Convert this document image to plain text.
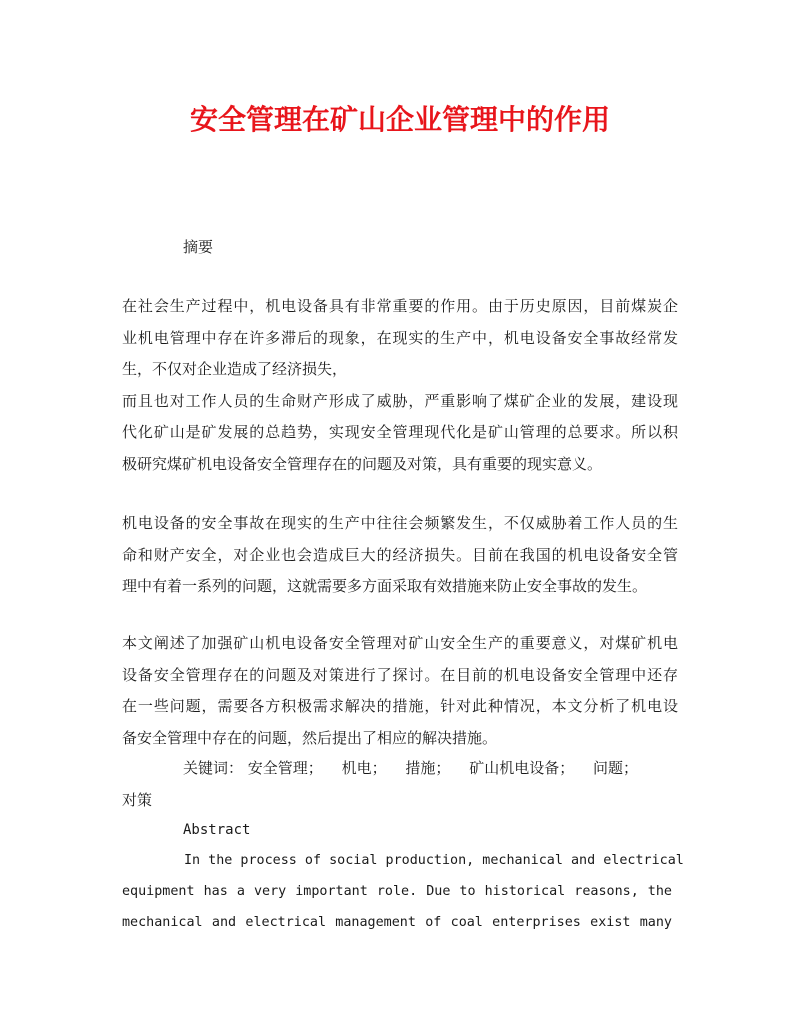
安全管理在矿山企业管理中的作用
摘要
在社会生产过程中，机电设备具有非常重要的作用。由于历史原因，目前煤炭企
业机电管理中存在许多滞后的现象，在现实的生产中，机电设备安全事故经常发
生，不仅对企业造成了经济损失，
而且也对工作人员的生命财产形成了威胁，严重影响了煤矿企业的发展，建设现
代化矿山是矿发展的总趋势，实现安全管理现代化是矿山管理的总要求。所以积
极研究煤矿机电设备安全管理存在的问题及对策，具有重要的现实意义。
机电设备的安全事故在现实的生产中往往会频繁发生，不仅威胁着工作人员的生
命和财产安全，对企业也会造成巨大的经济损失。目前在我国的机电设备安全管
理中有着一系列的问题，这就需要多方面采取有效措施来防止安全事故的发生。
本文阐述了加强矿山机电设备安全管理对矿山安全生产的重要意义，对煤矿机电
设备安全管理存在的问题及对策进行了探讨。在目前的机电设备安全管理中还存
在一些问题，需要各方积极需求解决的措施，针对此种情况，本文分析了机电设
备安全管理中存在的问题，然后提出了相应的解决措施。
关键词： 安全管理； 机电； 措施； 矿山机电设备； 问题；
对策
Abstract
In the process of social production, mechanical and electrical
equipment has a very important role. Due to historical reasons, the
mechanical and electrical management of coal enterprises exist many
